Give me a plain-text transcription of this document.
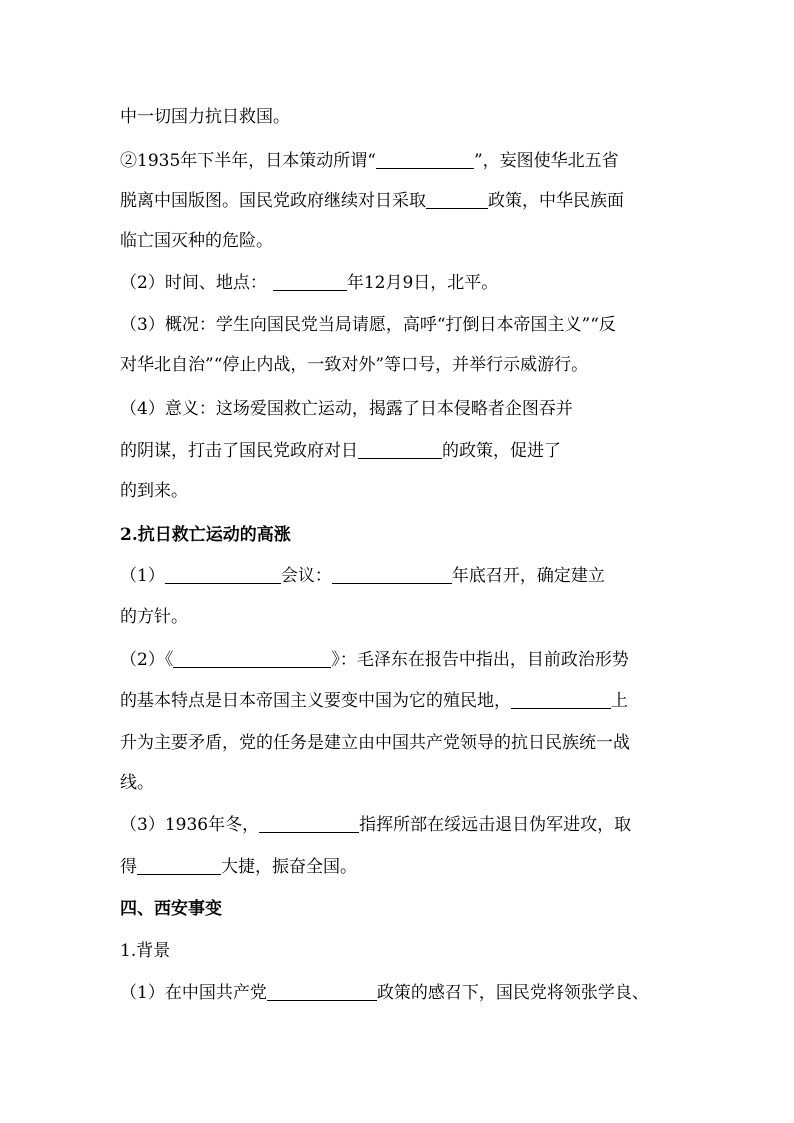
中一切国力抗日救国。
②1935年下半年，日本策动所谓“	”，妄图使华北五省
脱离中国版图。国民党政府继续对日采取	政策，中华民族面
临亡国灭种的危险。
（2）时间、地点：	年12月9日，北平。
（3）概况：学生向国民党当局请愿，高呼“打倒日本帝国主义”“反
对华北自治”“停止内战，一致对外”等口号，并举行示威游行。
（4）意义：这场爱国救亡运动，揭露了日本侵略者企图吞并
的阴谋，打击了国民党政府对日	的政策，促进了
的到来。
2.抗日救亡运动的高涨
（1）	会议：	年底召开，确定建立
的方针。
（2）《	》：毛泽东在报告中指出，目前政治形势
的基本特点是日本帝国主义要变中国为它的殖民地，	上
升为主要矛盾，党的任务是建立由中国共产党领导的抗日民族统一战
线。
（3）1936年冬，	指挥所部在绥远击退日伪军进攻，取
得	大捷，振奋全国。
四、西安事变
1.背景
（1）在中国共产党	政策的感召下，国民党将领张学良、
